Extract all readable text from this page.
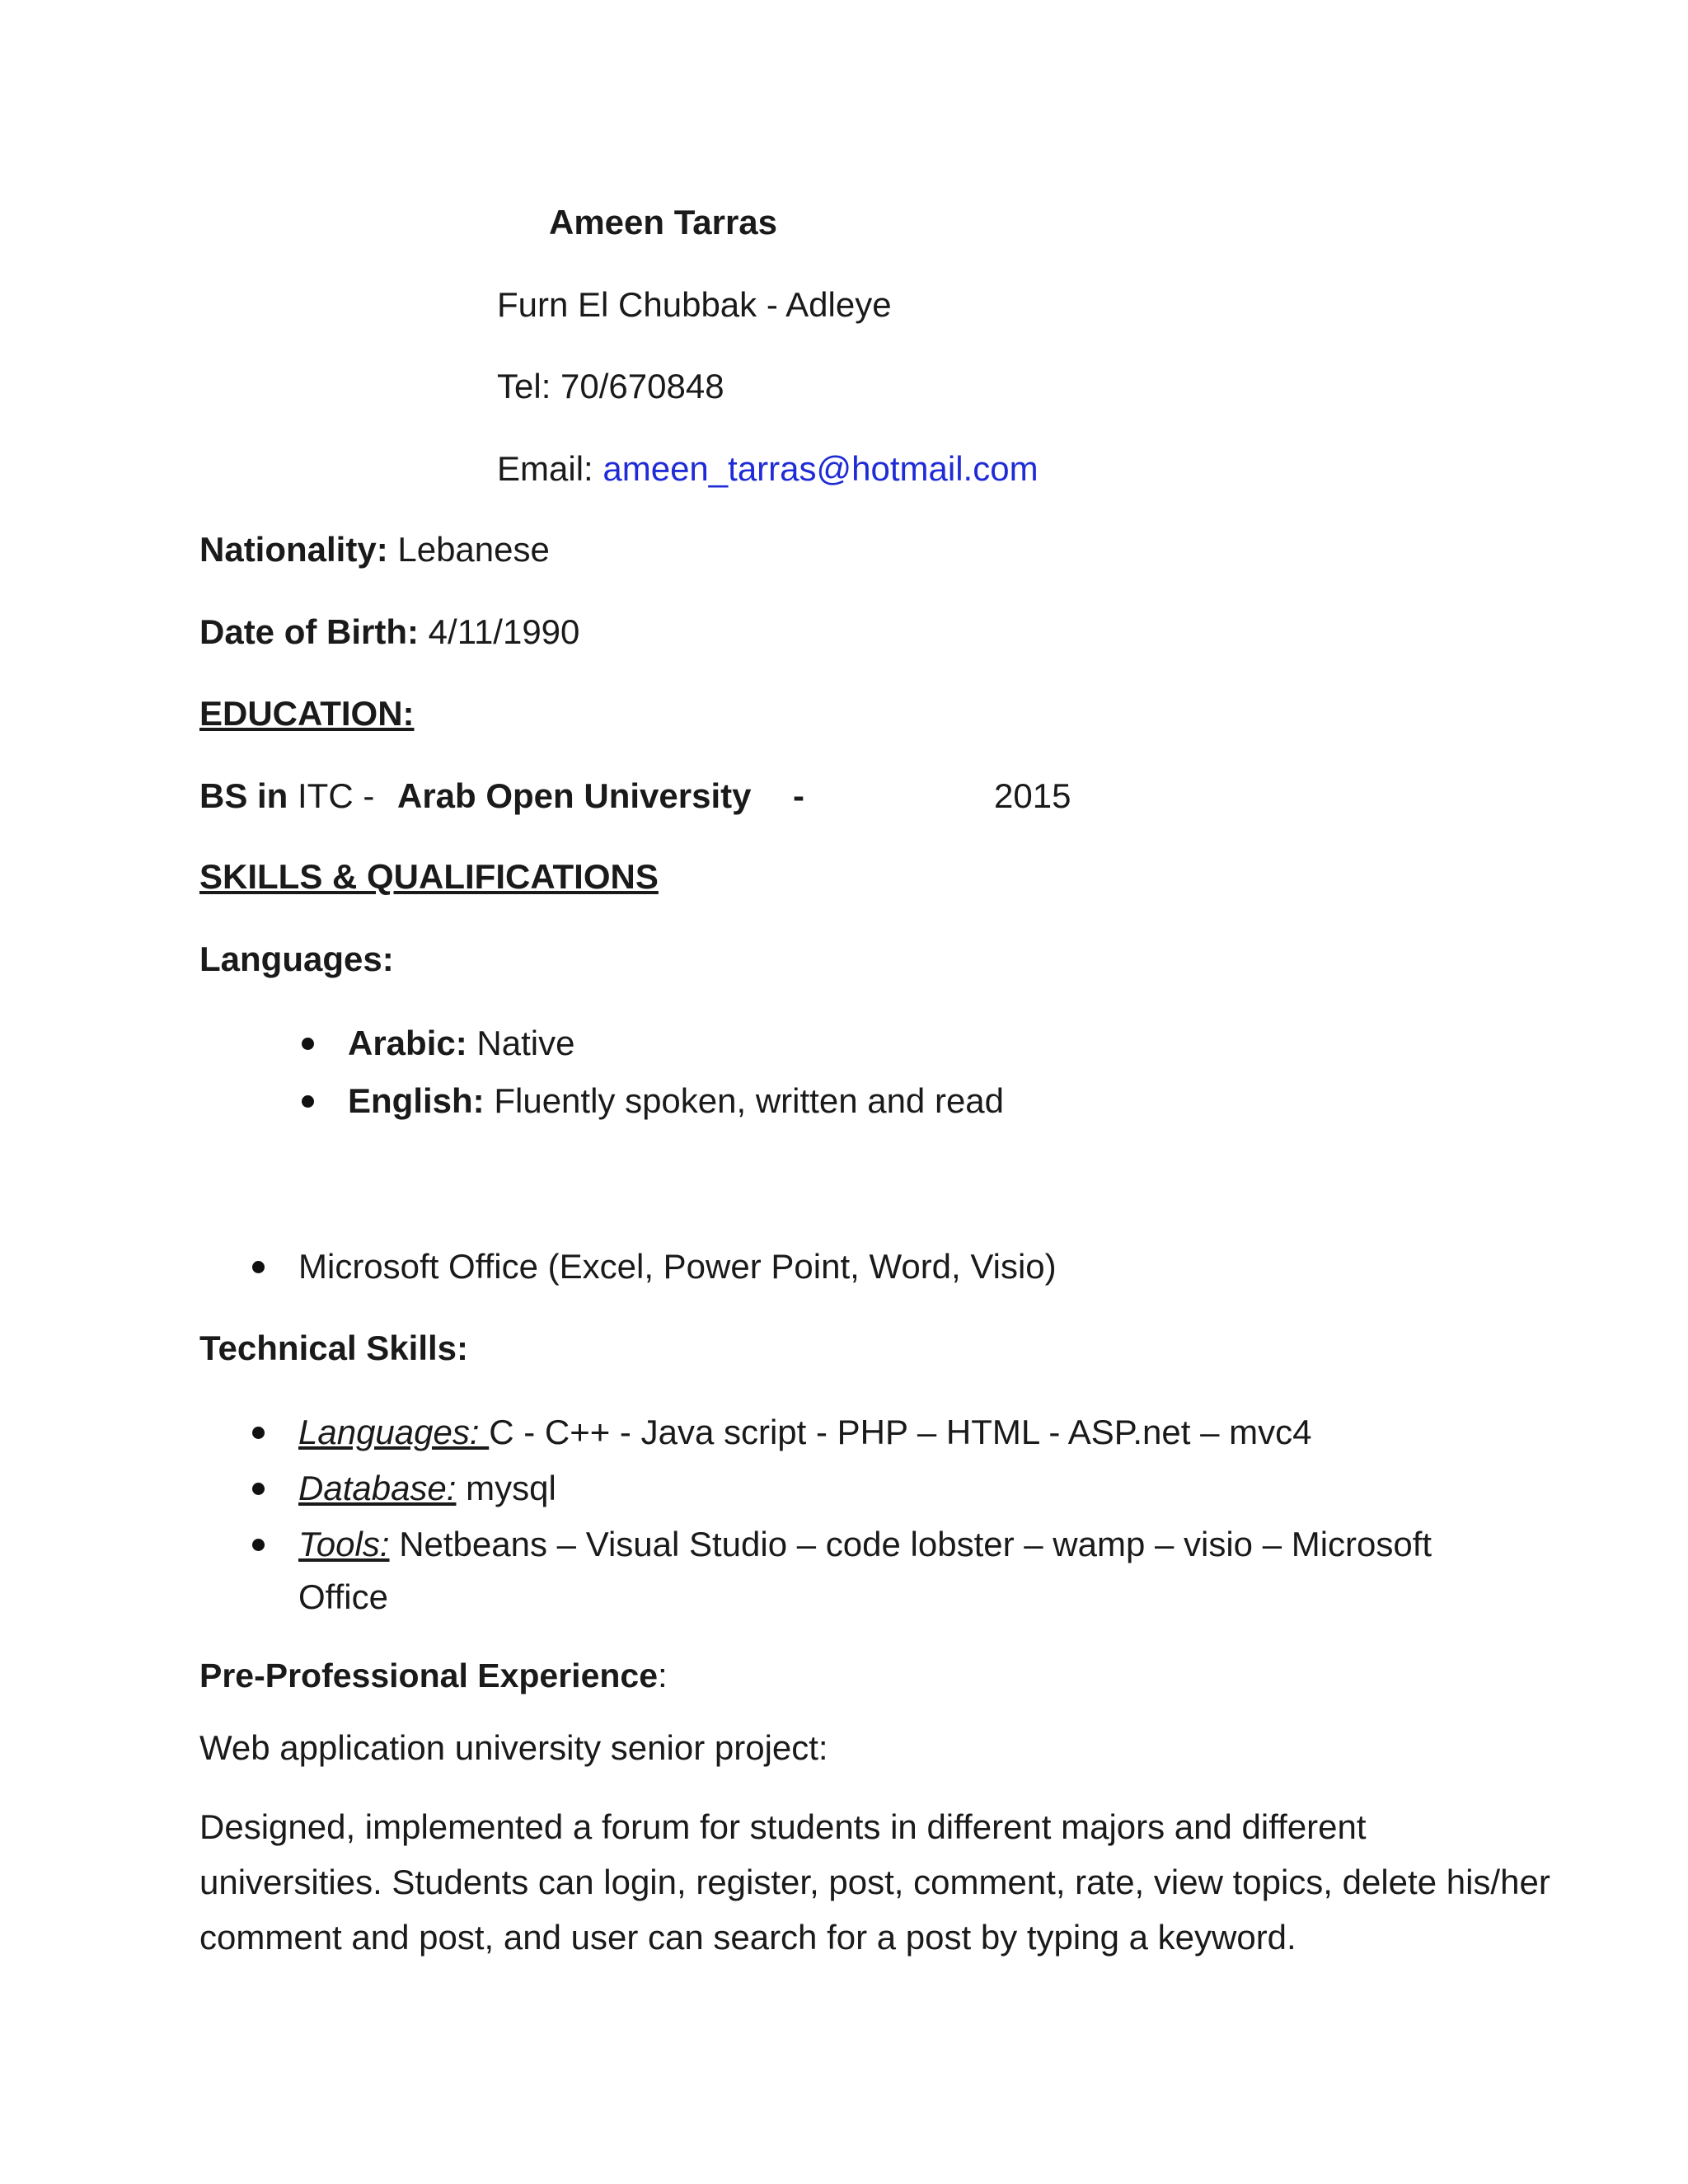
Ameen Tarras
Furn El Chubbak - Adleye
Tel: 70/670848
Email: ameen_tarras@hotmail.com
Nationality: Lebanese
Date of Birth: 4/11/1990
EDUCATION:
BS in ITC - Arab Open University -	2015
SKILLS & QUALIFICATIONS
Languages:
Arabic: Native
English: Fluently spoken, written and read
Microsoft Office (Excel, Power Point, Word, Visio)
Technical Skills:
Languages: C - C++ - Java script - PHP – HTML - ASP.net – mvc4
Database: mysql
Tools: Netbeans – Visual Studio – code lobster – wamp – visio – Microsoft
Office
Pre-Professional Experience:
Web application university senior project:
Designed, implemented a forum for students in different majors and different universities. Students can login, register, post, comment, rate, view topics, delete his/her comment and post, and user can search for a post by typing a keyword.
